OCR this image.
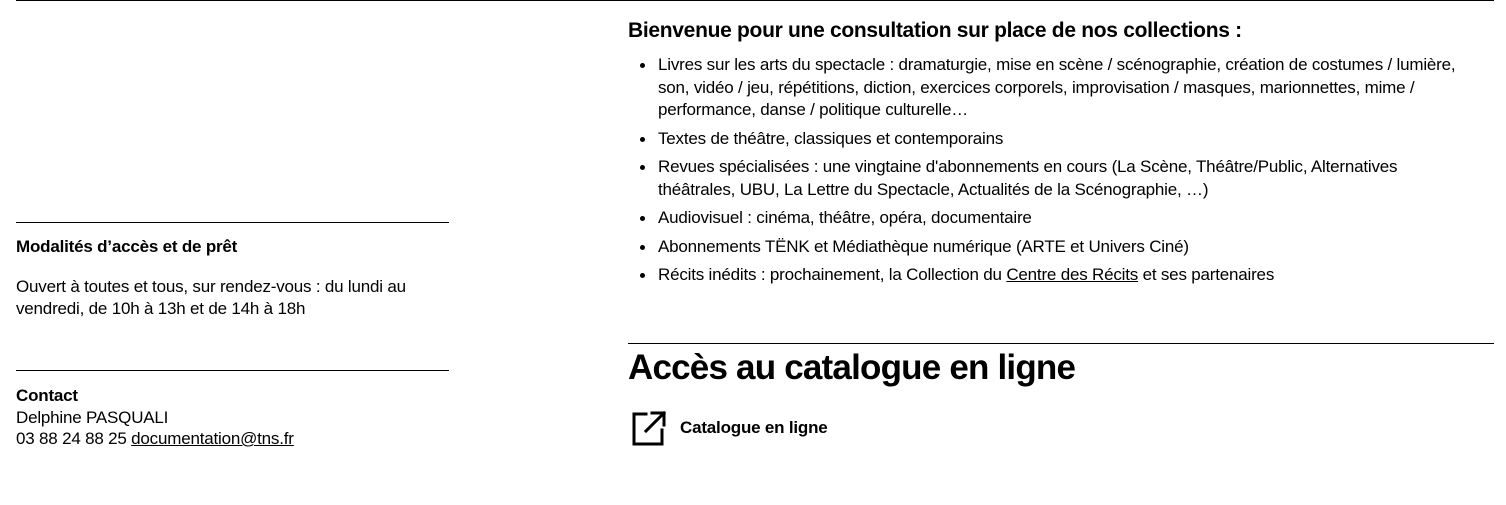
Modalités d’accès et de prêt
Ouvert à toutes et tous, sur rendez-vous : du lundi au vendredi, de 10h à 13h et de 14h à 18h
Contact
Delphine PASQUALI
03 88 24 88 25 documentation@tns.fr
Bienvenue pour une consultation sur place de nos collections :
Livres sur les arts du spectacle : dramaturgie, mise en scène / scénographie, création de costumes / lumière, son, vidéo / jeu, répétitions, diction, exercices corporels, improvisation / masques, marionnettes, mime / performance, danse / politique culturelle…
Textes de théâtre, classiques et contemporains
Revues spécialisées : une vingtaine d'abonnements en cours (La Scène, Théâtre/Public, Alternatives théâtrales, UBU, La Lettre du Spectacle, Actualités de la Scénographie, …)
Audiovisuel : cinéma, théâtre, opéra, documentaire
Abonnements TËNK et Médiathèque numérique (ARTE et Univers Ciné)
Récits inédits : prochainement, la Collection du Centre des Récits et ses partenaires
Accès au catalogue en ligne
Catalogue en ligne
